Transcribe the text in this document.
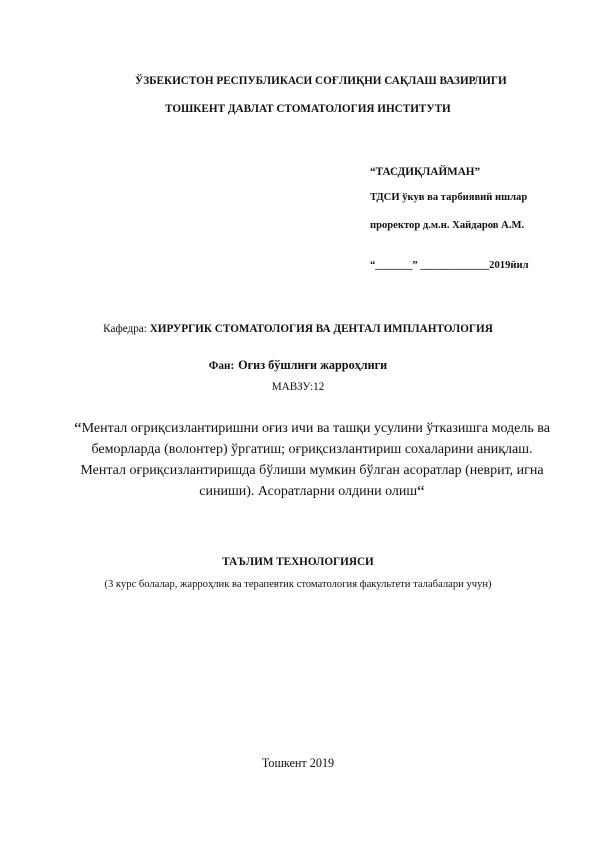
ЎЗБЕКИСТОН РЕСПУБЛИКАСИ СОҒЛИҚНИ САҚЛАШ ВАЗИРЛИГИ
ТОШКЕНТ ДАВЛАТ СТОМАТОЛОГИЯ ИНСТИТУТИ
“ТАСДИҚЛАЙМАН”
ТДСИ ўкув ва тарбиявий ишлар
проректор д.м.н. Хайдаров А.М.
“_______” _____________2019йил
Кафедра: ХИРУРГИК СТОМАТОЛОГИЯ ВА ДЕНТАЛ ИМПЛАНТОЛОГИЯ
Фан: Оғиз бўшлиғи жарроҳлиги
МАВЗУ:12
“Ментал оғриқсизлантиришни оғиз ичи ва ташқи усулини ўтказишга модель ва беморларда (волонтер) ўргатиш; оғриқсизлантириш сохаларини аниқлаш. Ментал оғриқсизлантиришда бўлиши мумкин бўлган асоратлар (неврит, игна синиши). Асоратларни олдини олиш“
ТАЪЛИМ ТЕХНОЛОГИЯСИ
(3 курс болалар, жарроҳлик ва терапевтик стоматология факультети талабалари учун)
Тошкент 2019
